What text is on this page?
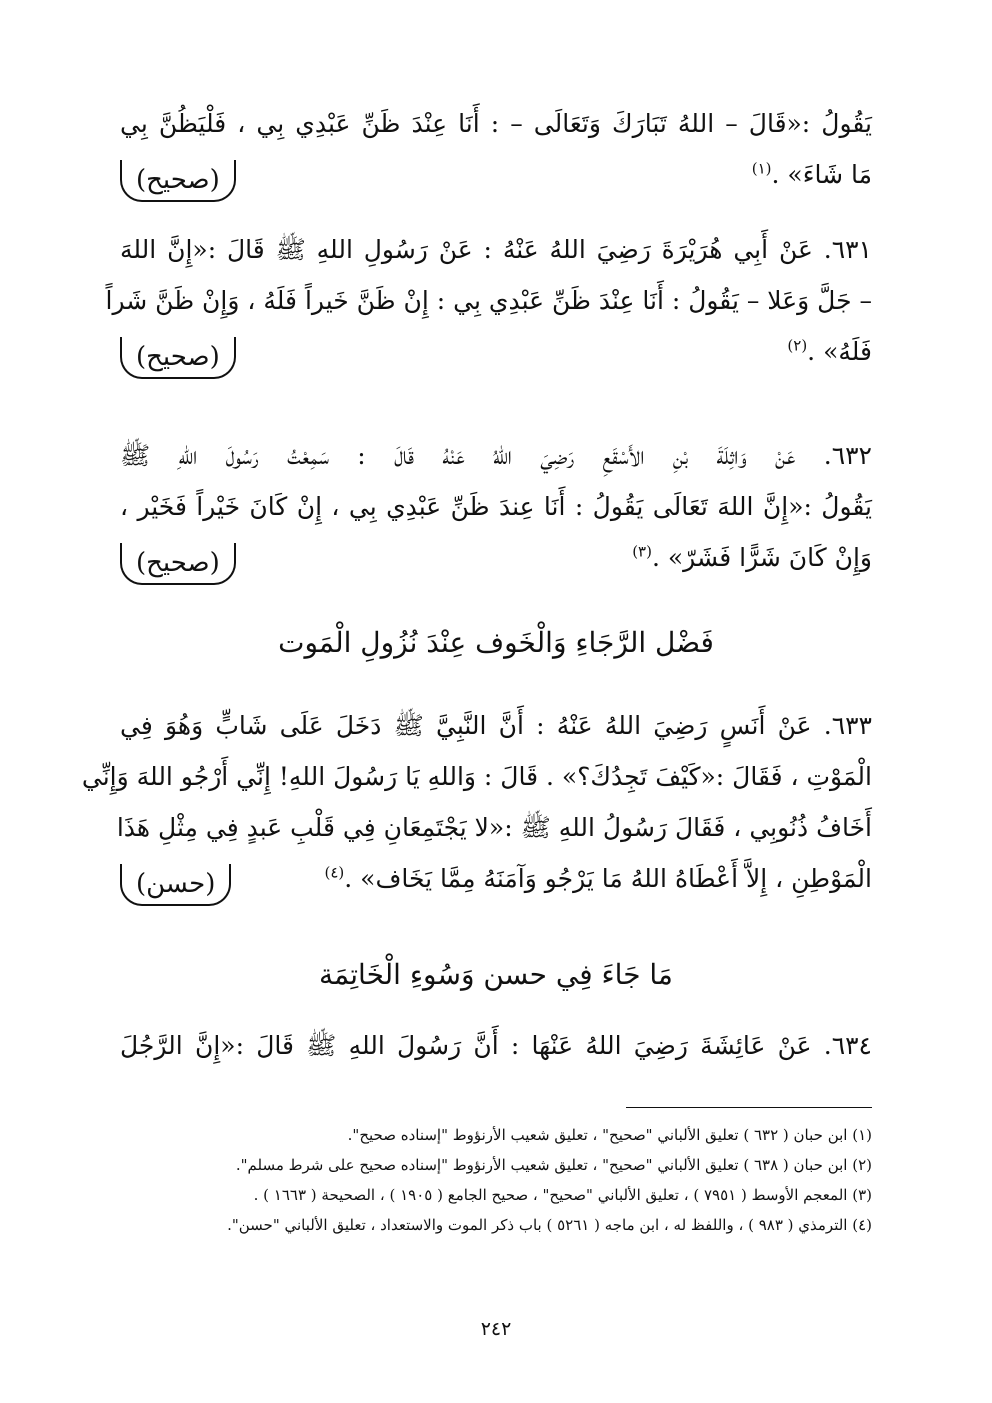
يَقُولُ :«قَالَ – اللهُ تَبَارَكَ وَتَعَالَى – : أَنَا عِنْدَ ظَنِّ عَبْدِي بِي ، فَلْيَظُنَّ بِي
مَا شَاءَ» .$^{(١)}$
(صحيح)
٦٣١. عَنْ أَبِي هُرَيْرَةَ رَضِيَ اللهُ عَنْهُ : عَنْ رَسُولِ اللهِ ﷺ قَالَ :«إِنَّ اللهَ
– جَلَّ وَعَلا – يَقُولُ : أَنَا عِنْدَ ظَنِّ عَبْدِي بِي : إِنْ ظَنَّ خَيراً فَلَهُ ، وَإِنْ ظَنَّ شَراً
فَلَهُ» .$^{(٢)}$
(صحيح)
٦٣٢. عَنْ وَاثِلَةَ بْنِ الأَسْقَعِ رَضِيَ اللهُ عَنْهُ قَالَ : سَمِعْتُ رَسُولَ اللهِ ﷺ
يَقُولُ :«إِنَّ اللهَ تَعَالَى يَقُولُ : أَنَا عِندَ ظَنِّ عَبْدِي بِي ، إِنْ كَانَ خَيْراً فَخَيْر ،
وَإِنْ كَانَ شَرًّا فَشَرّ» .$^{(٣)}$
(صحيح)
فَضْل الرَّجَاءِ وَالْخَوف عِنْدَ نُزُولِ الْمَوت
٦٣٣. عَنْ أَنَسٍ رَضِيَ اللهُ عَنْهُ : أَنَّ النَّبِيَّ ﷺ دَخَلَ عَلَى شَابٍّ وَهُوَ فِي
الْمَوْتِ ، فَقَالَ :«كَيْفَ تَجِدُكَ؟» . قَالَ : وَاللهِ يَا رَسُولَ اللهِ! إِنِّي أَرْجُو اللهَ وَإِنِّي
أَخَافُ ذُنُوبِي ، فَقَالَ رَسُولُ اللهِ ﷺ :«لا يَجْتَمِعَانِ فِي قَلْبِ عَبدٍ فِي مِثْلِ هَذَا
الْمَوْطِنِ ، إِلاَّ أَعْطَاهُ اللهُ مَا يَرْجُو وَآمَنَهُ مِمَّا يَخَاف» .$^{(٤)}$
(حسن)
مَا جَاءَ فِي حسن وَسُوءِ الْخَاتِمَة
٦٣٤. عَنْ عَائِشَةَ رَضِيَ اللهُ عَنْهَا : أَنَّ رَسُولَ اللهِ ﷺ قَالَ :«إِنَّ الرَّجُلَ
(١) ابن حبان ( ٦٣٢ ) تعليق الألباني "صحيح" ، تعليق شعيب الأرنؤوط "إسناده صحيح".
(٢) ابن حبان ( ٦٣٨ ) تعليق الألباني "صحيح" ، تعليق شعيب الأرنؤوط "إسناده صحيح على شرط مسلم".
(٣) المعجم الأوسط ( ٧٩٥١ ) ، تعليق الألباني "صحيح" ، صحيح الجامع ( ١٩٠٥ ) ، الصحيحة ( ١٦٦٣ ) .
(٤) الترمذي ( ٩٨٣ ) ، واللفظ له ، ابن ماجه ( ٥٢٦١ ) باب ذكر الموت والاستعداد ، تعليق الألباني "حسن".
٢٤٢
